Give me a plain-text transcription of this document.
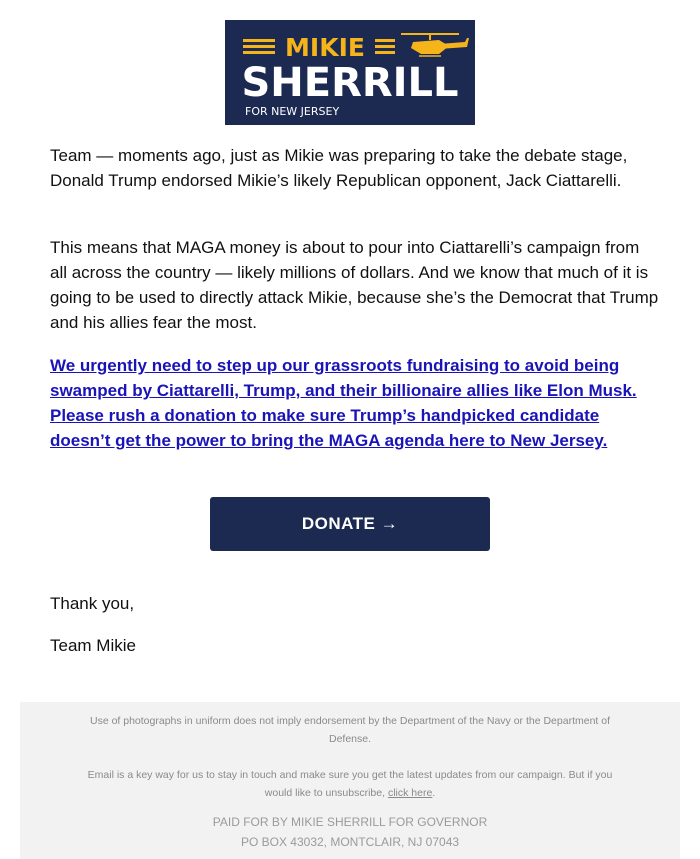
MIKIE
SHERRILL
FOR NEW JERSEY
Team — moments ago, just as Mikie was preparing to take the debate stage, Donald Trump endorsed Mikie’s likely Republican opponent, Jack Ciattarelli.
This means that MAGA money is about to pour into Ciattarelli’s campaign from all across the country — likely millions of dollars. And we know that much of it is going to be used to directly attack Mikie, because she’s the Democrat that Trump and his allies fear the most.
We urgently need to step up our grassroots fundraising to avoid being swamped by Ciattarelli, Trump, and their billionaire allies like Elon Musk. Please rush a donation to make sure Trump’s handpicked candidate doesn’t get the power to bring the MAGA agenda here to New Jersey.
DONATE →
Thank you,
Team Mikie
Use of photographs in uniform does not imply endorsement by the Department of the Navy or the Department of Defense.
Email is a key way for us to stay in touch and make sure you get the latest updates from our campaign. But if you would like to unsubscribe, click here.
PAID FOR BY MIKIE SHERRILL FOR GOVERNOR
PO BOX 43032, MONTCLAIR, NJ 07043
